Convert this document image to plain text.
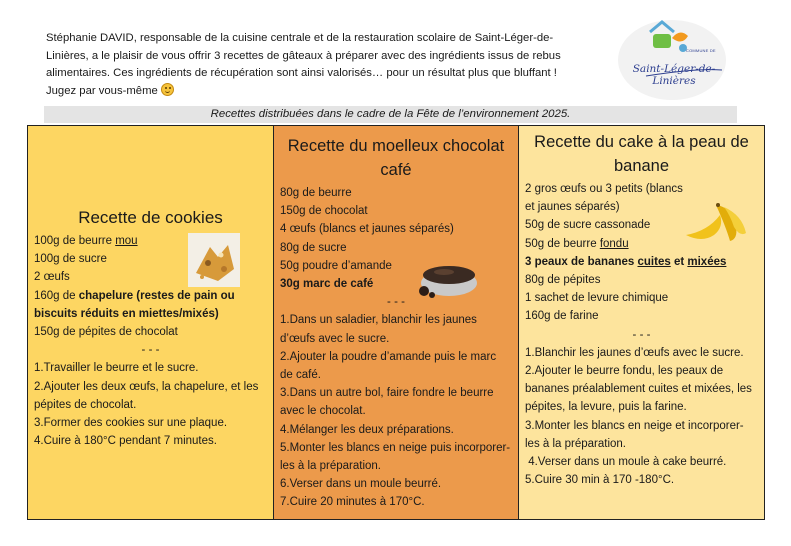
Stéphanie DAVID, responsable de la cuisine centrale et de la restauration scolaire de Saint-Léger-de-Linières, a le plaisir de vous offrir 3 recettes de gâteaux à préparer avec des ingrédients issus de rebus alimentaires. Ces ingrédients de récupération sont ainsi valorisés… pour un résultat plus que bluffant ! Jugez par vous-même
COMMUNE DE
Saint-Léger-de-Linières
Recettes distribuées dans le cadre de la Fête de l’environnement 2025.
Recette de cookies
100g de beurre mou
100g de sucre
2 œufs
160g de chapelure (restes de pain ou biscuits réduits en miettes/mixés)
150g de pépites de chocolat
- - -
1.Travailler le beurre et le sucre.
2.Ajouter les deux œufs, la chapelure, et les pépites de chocolat.
3.Former des cookies sur une plaque.
4.Cuire à 180°C pendant 7 minutes.
Recette du moelleux chocolat café
80g de beurre
150g de chocolat
4 œufs (blancs et jaunes séparés)
80g de sucre
50g poudre d’amande
30g marc de café
- - -
1.Dans un saladier, blanchir les jaunes d’œufs avec le sucre.
2.Ajouter la poudre d’amande puis le marc de café.
3.Dans un autre bol, faire fondre le beurre avec le chocolat.
4.Mélanger les deux préparations.
5.Monter les blancs en neige puis incorporer-les à la préparation.
6.Verser dans un moule beurré.
7.Cuire 20 minutes à 170°C.
Recette du cake à la peau de banane
2 gros œufs ou 3 petits (blancs et jaunes séparés)
50g de sucre cassonade
50g de beurre fondu
3 peaux de bananes cuites et mixées
80g de pépites
1 sachet de levure chimique
160g de farine
- - -
1.Blanchir les jaunes d’œufs avec le sucre.
2.Ajouter le beurre fondu, les peaux de bananes préalablement cuites et mixées, les pépites, la levure, puis la farine.
3.Monter les blancs en neige et incorporer-les à la préparation.
4.Verser dans un moule à cake beurré.
5.Cuire 30 min à 170 -180°C.
